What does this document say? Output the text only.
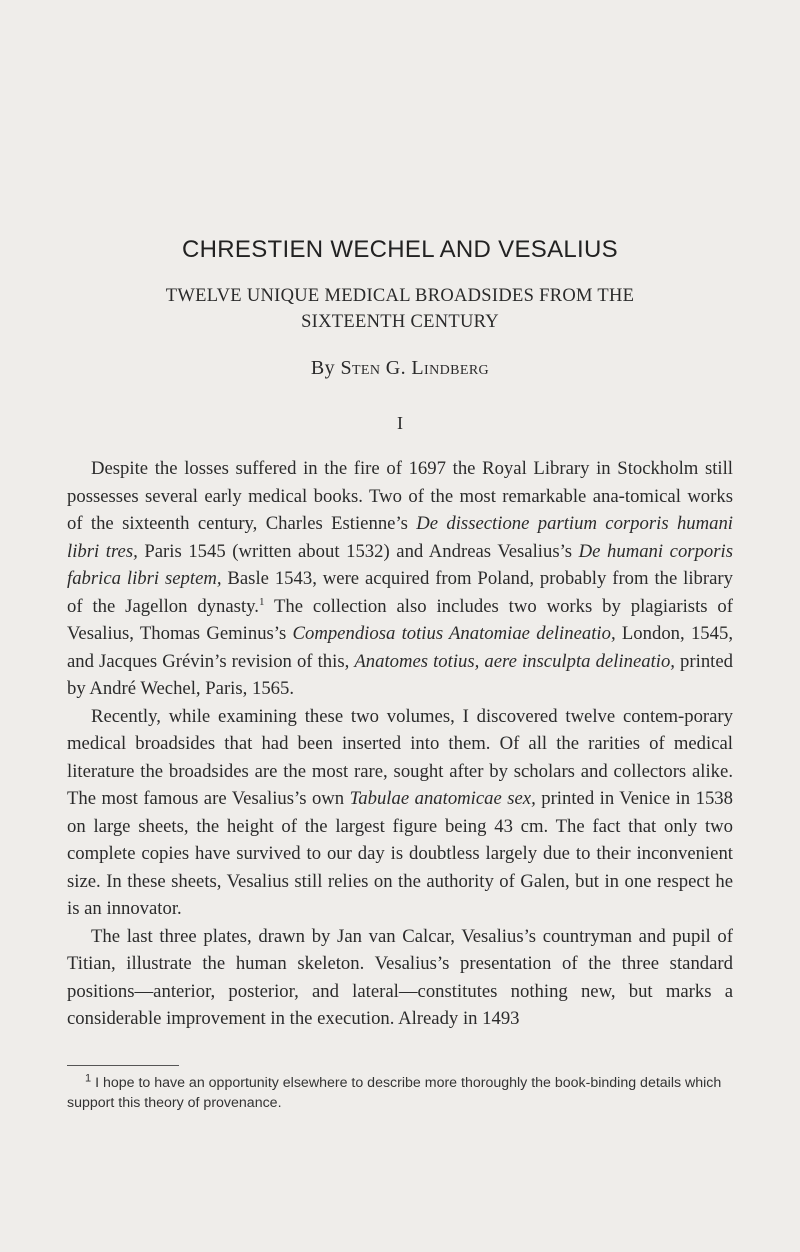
CHRESTIEN WECHEL AND VESALIUS
TWELVE UNIQUE MEDICAL BROADSIDES FROM THE
SIXTEENTH CENTURY
By Sten G. Lindberg
I

Despite the losses suffered in the fire of 1697 the Royal Library in Stockholm still possesses several early medical books. Two of the most remarkable ana-tomical works of the sixteenth century, Charles Estienne’s De dissectione partium corporis humani libri tres, Paris 1545 (written about 1532) and Andreas Vesalius’s De humani corporis fabrica libri septem, Basle 1543, were acquired from Poland, probably from the library of the Jagellon dynasty.$^1$ The collection also includes two works by plagiarists of Vesalius, Thomas Geminus’s Compendiosa totius Anatomiae delineatio, London, 1545, and Jacques Grévin’s revision of this, Anatomes totius, aere insculpta delineatio, printed by André Wechel, Paris, 1565.

Recently, while examining these two volumes, I discovered twelve contem-porary medical broadsides that had been inserted into them. Of all the rarities of medical literature the broadsides are the most rare, sought after by scholars and collectors alike. The most famous are Vesalius’s own Tabulae anatomicae sex, printed in Venice in 1538 on large sheets, the height of the largest figure being 43 cm. The fact that only two complete copies have survived to our day is doubtless largely due to their inconvenient size. In these sheets, Vesalius still relies on the authority of Galen, but in one respect he is an innovator.

The last three plates, drawn by Jan van Calcar, Vesalius’s countryman and pupil of Titian, illustrate the human skeleton. Vesalius’s presentation of the three standard positions—anterior, posterior, and lateral—constitutes nothing new, but marks a considerable improvement in the execution. Already in 1493

$^1$ I hope to have an opportunity elsewhere to describe more thoroughly the book-binding details which support this theory of provenance.
